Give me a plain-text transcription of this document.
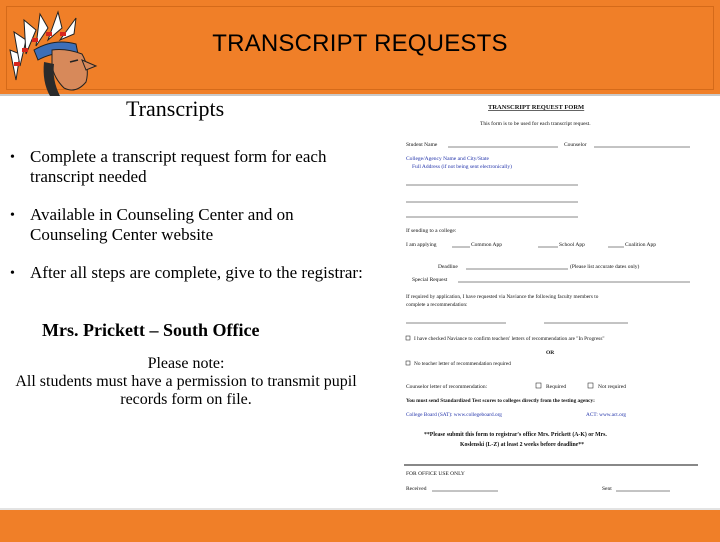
TRANSCRIPT REQUESTS
Transcripts
• Complete a transcript request form for each transcript needed
• Available in Counseling Center and on Counseling Center website
• After all steps are complete, give to the registrar:
Mrs. Prickett – South Office
Please note:
All students must have a permission to transmit pupil records form on file.
TRANSCRIPT REQUEST FORM
This form is to be used for each transcript request.
Student Name	Counselor
College/Agency Name and City/State
Full Address (if not being sent electronically)
If sending to a college:
I am applying	Common App	School App	Coalition App
Deadline	(Please list accurate dates only)
Special Request
If required by application, I have requested via Naviance the following faculty members to
complete a recommendation:
I have checked Naviance to confirm teachers' letters of recommendation are "In Progress"
OR
No teacher letter of recommendation required
Counselor letter of recommendation:	Required	Not required
You must send Standardized Test scores to colleges directly from the testing agency:
College Board (SAT): www.collegeboard.org	ACT: www.act.org
**Please submit this form to registrar's office Mrs. Prickett (A-K) or Mrs.
Koslenski (L-Z) at least 2 weeks before deadline**
FOR OFFICE USE ONLY
Received	Sent
